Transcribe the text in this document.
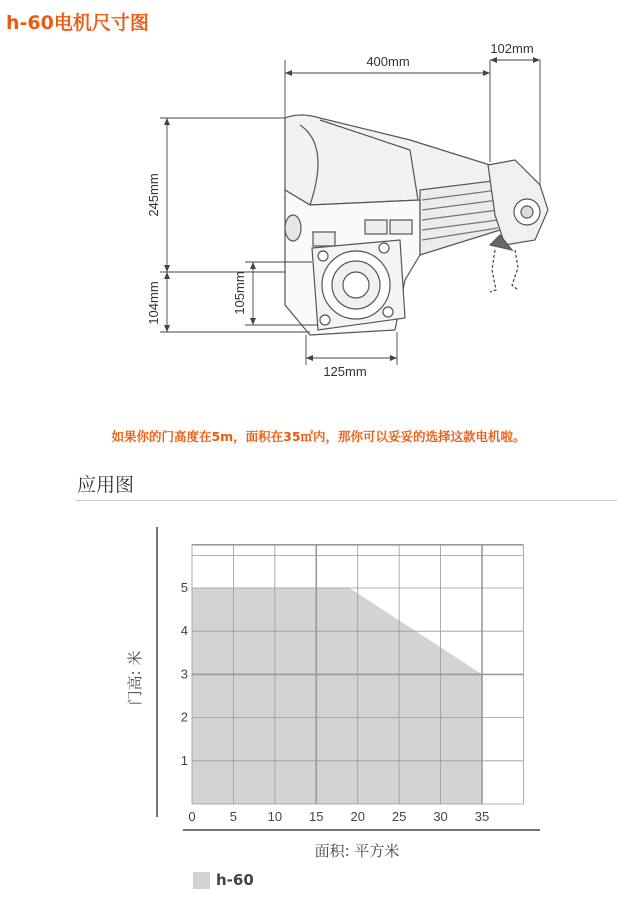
h-60电机尺寸图
400mm
102mm
245mm
104mm	105mm
125mm
如果你的门高度在5m，面积在35㎡内，那你可以妥妥的选择这款电机啦。
应用图
0	5 10 15 20 25 30 35
1
2
3
4
5
面积: 平方米
门高: 米
h-60
